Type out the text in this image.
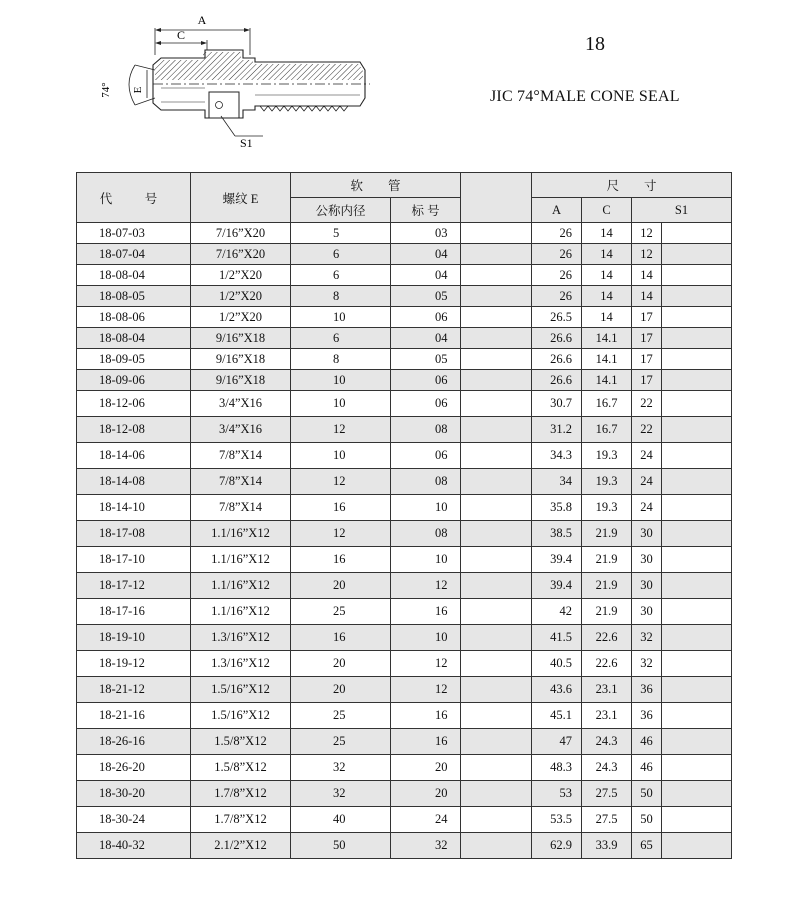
A
C
74° E
S1
18
JIC 74°MALE CONE SEAL
代　号	螺纹 E	软　　管			尺　　寸			
		公称内径	标 号		A	C	S1	
18-07-03	7/16”X20	5	03		26	14	12	
18-07-04	7/16”X20	6	04		26	14	12	
18-08-04	1/2”X20	6	04		26	14	14	
18-08-05	1/2”X20	8	05		26	14	14	
18-08-06	1/2”X20	10	06		26.5	14	17	
18-08-04	9/16”X18	6	04		26.6	14.1	17	
18-09-05	9/16”X18	8	05		26.6	14.1	17	
18-09-06	9/16”X18	10	06		26.6	14.1	17	
18-12-06	3/4”X16	10	06		30.7	16.7	22	
18-12-08	3/4”X16	12	08		31.2	16.7	22	
18-14-06	7/8”X14	10	06		34.3	19.3	24	
18-14-08	7/8”X14	12	08		34	19.3	24	
18-14-10	7/8”X14	16	10		35.8	19.3	24	
18-17-08	1.1/16”X12	12	08		38.5	21.9	30	
18-17-10	1.1/16”X12	16	10		39.4	21.9	30	
18-17-12	1.1/16”X12	20	12		39.4	21.9	30	
18-17-16	1.1/16”X12	25	16		42	21.9	30	
18-19-10	1.3/16”X12	16	10		41.5	22.6	32	
18-19-12	1.3/16”X12	20	12		40.5	22.6	32	
18-21-12	1.5/16”X12	20	12		43.6	23.1	36	
18-21-16	1.5/16”X12	25	16		45.1	23.1	36	
18-26-16	1.5/8”X12	25	16		47	24.3	46	
18-26-20	1.5/8”X12	32	20		48.3	24.3	46	
18-30-20	1.7/8”X12	32	20		53	27.5	50	
18-30-24	1.7/8”X12	40	24		53.5	27.5	50	
18-40-32	2.1/2”X12	50	32		62.9	33.9	65	
